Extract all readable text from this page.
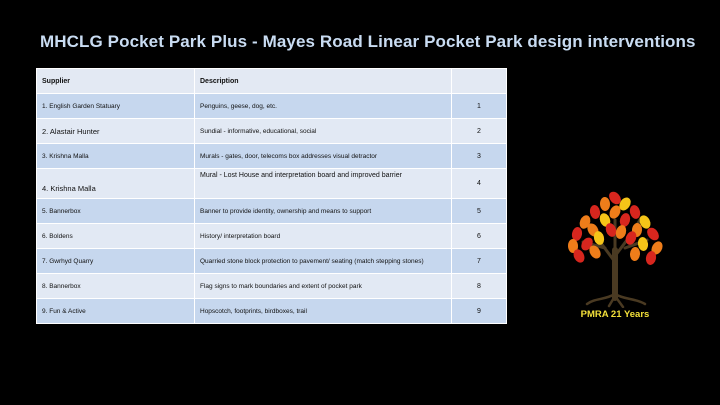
MHCLG Pocket Park Plus - Mayes Road Linear Pocket Park design interventions
Supplier	Description	
1. English Garden Statuary	Penguins, geese, dog, etc.	1
2. Alastair Hunter	Sundial - informative, educational, social	2
3. Krishna Malla	Murals - gates, door, telecoms box addresses visual detractor	3
4. Krishna Malla	Mural - Lost House and interpretation board and improved barrier	4
5. Bannerbox	Banner to provide identity, ownership and means to support	5
6. Boldens	History/ interpretation board	6
7. Gwrhyd Quarry	Quarried stone block protection to pavement/ seating (match stepping stones)	7
8. Bannerbox	Flag signs to mark boundaries and extent of pocket park	8
9. Fun & Active	Hopscotch, footprints, birdboxes, trail	9	PMRA 21 Years
